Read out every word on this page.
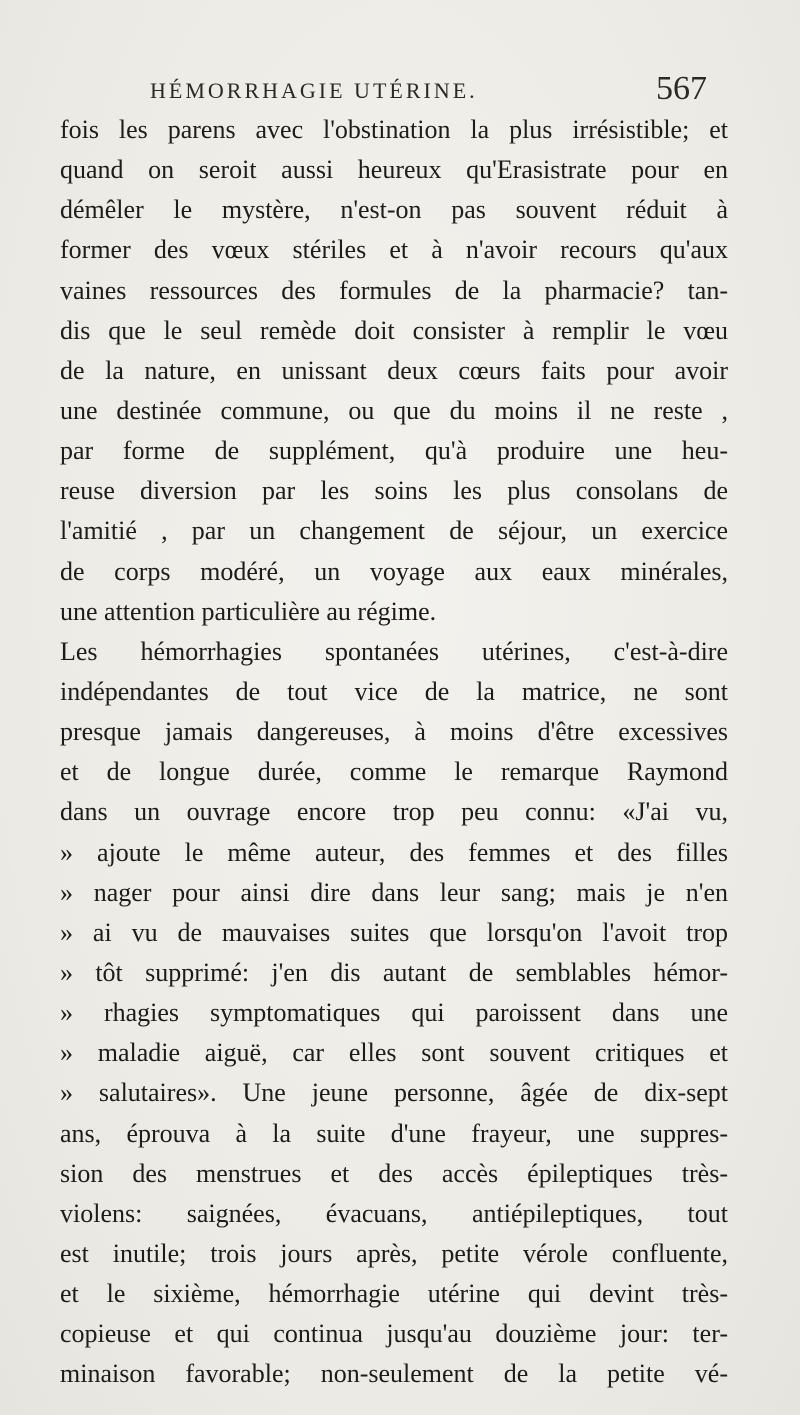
HÉMORRHAGIE UTÉRINE.	567
fois les parens avec l'obstination la plus irrésistible; et
quand on seroit aussi heureux qu'Erasistrate pour en
démêler le mystère, n'est-on pas souvent réduit à
former des vœux stériles et à n'avoir recours qu'aux
vaines ressources des formules de la pharmacie? tan-
dis que le seul remède doit consister à remplir le vœu
de la nature, en unissant deux cœurs faits pour avoir
une destinée commune, ou que du moins il ne reste ,
par forme de supplément, qu'à produire une heu-
reuse diversion par les soins les plus consolans de
l'amitié , par un changement de séjour, un exercice
de corps modéré, un voyage aux eaux minérales,
une attention particulière au régime.
Les hémorrhagies spontanées utérines, c'est-à-dire
indépendantes de tout vice de la matrice, ne sont
presque jamais dangereuses, à moins d'être excessives
et de longue durée, comme le remarque Raymond
dans un ouvrage encore trop peu connu: «J'ai vu,
» ajoute le même auteur, des femmes et des filles
» nager pour ainsi dire dans leur sang; mais je n'en
» ai vu de mauvaises suites que lorsqu'on l'avoit trop
» tôt supprimé: j'en dis autant de semblables hémor-
» rhagies symptomatiques qui paroissent dans une
» maladie aiguë, car elles sont souvent critiques et
» salutaires». Une jeune personne, âgée de dix-sept
ans, éprouva à la suite d'une frayeur, une suppres-
sion des menstrues et des accès épileptiques très-
violens: saignées, évacuans, antiépileptiques, tout
est inutile; trois jours après, petite vérole confluente,
et le sixième, hémorrhagie utérine qui devint très-
copieuse et qui continua jusqu'au douzième jour: ter-
minaison favorable; non-seulement de la petite vé-
